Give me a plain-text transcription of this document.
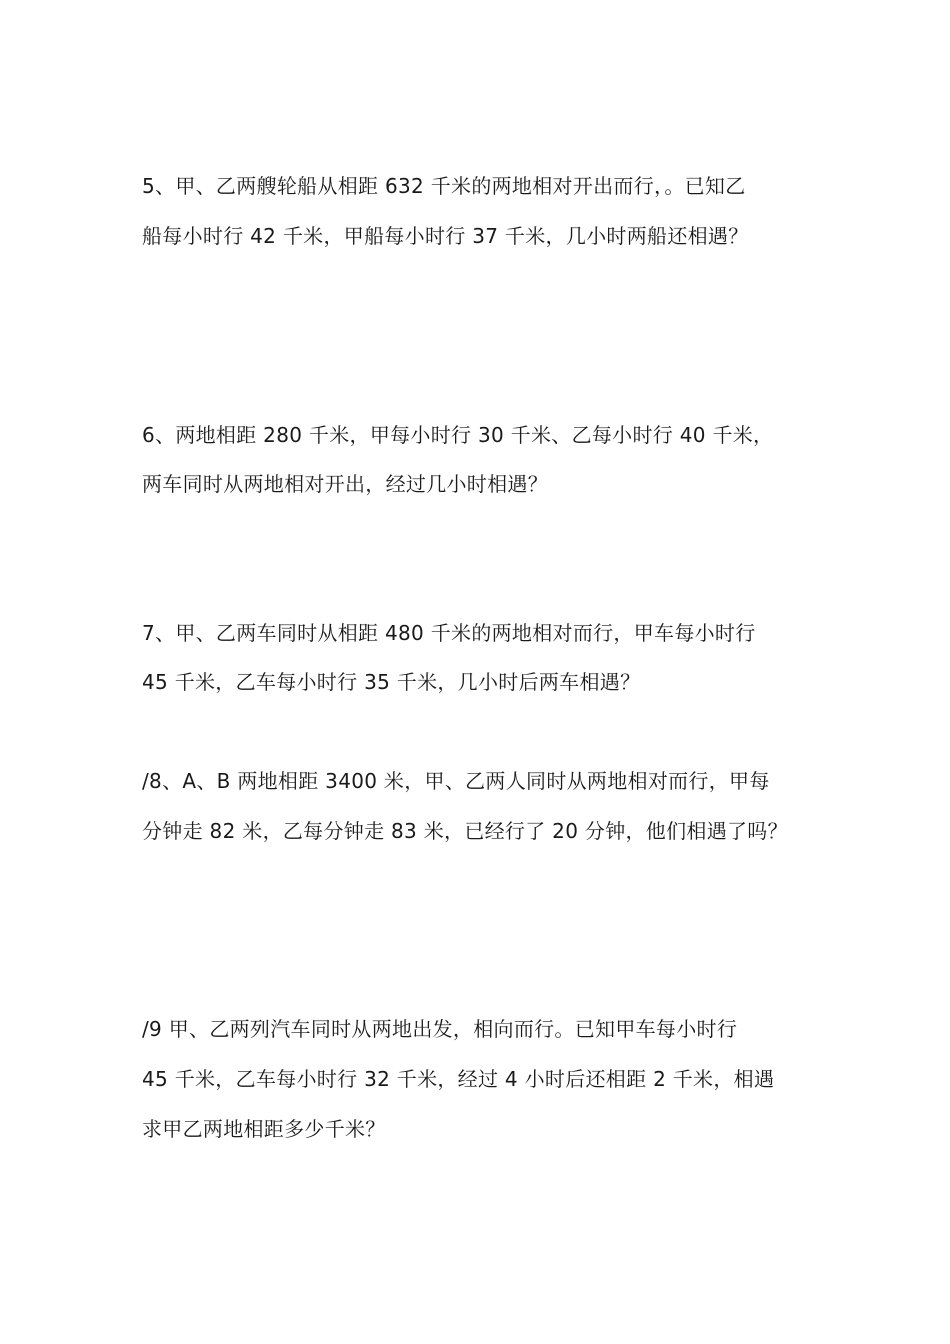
5、甲、乙两艘轮船从相距 632 千米的两地相对开出而行，。已知乙
船每小时行 42 千米，甲船每小时行 37 千米，几小时两船还相遇？
6、两地相距 280 千米，甲每小时行 30 千米、乙每小时行 40 千米，
两车同时从两地相对开出，经过几小时相遇？
7、甲、乙两车同时从相距 480 千米的两地相对而行，甲车每小时行
45 千米，乙车每小时行 35 千米，几小时后两车相遇？
/8、A、B 两地相距 3400 米，甲、乙两人同时从两地相对而行，甲每
分钟走 82 米，乙每分钟走 83 米，已经行了 20 分钟，他们相遇了吗？
/9 甲、乙两列汽车同时从两地出发，相向而行。已知甲车每小时行
45 千米，乙车每小时行 32 千米，经过 4 小时后还相距 2 千米，相遇
求甲乙两地相距多少千米？
